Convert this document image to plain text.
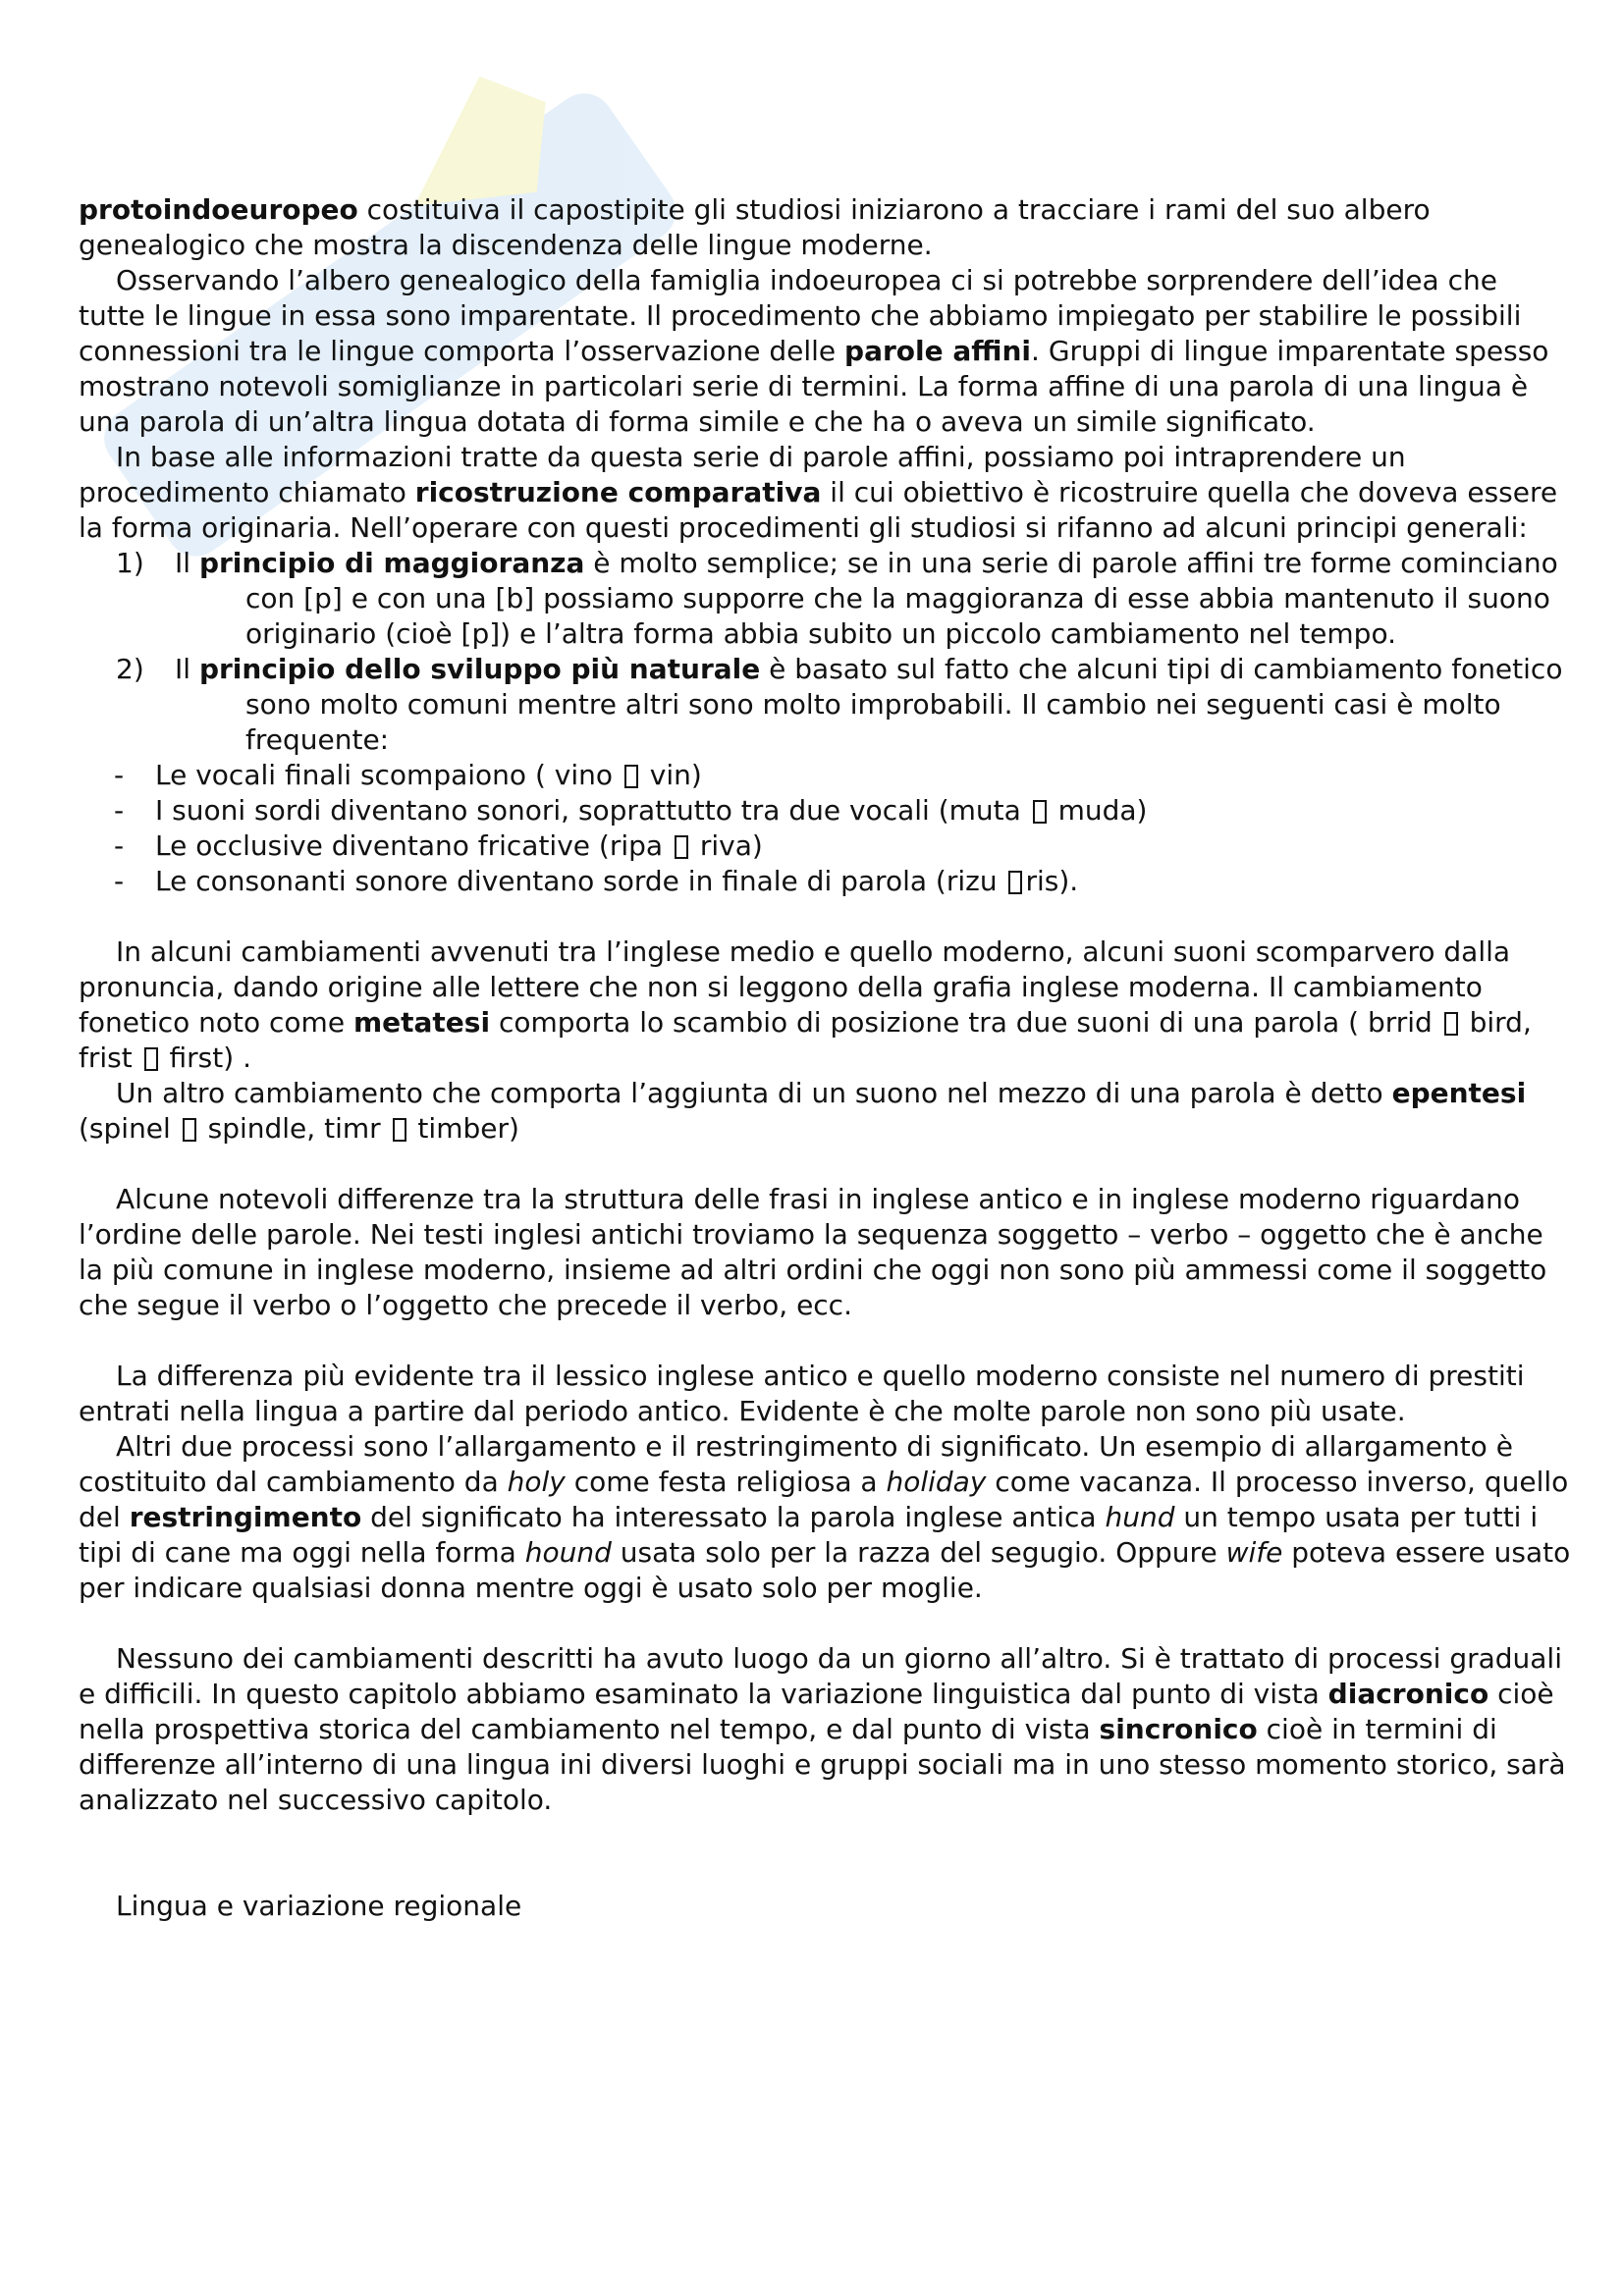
protoindoeuropeo costituiva il capostipite gli studiosi iniziarono a tracciare i rami del suo albero genealogico che mostra la discendenza delle lingue moderne.

Osservando l’albero genealogico della famiglia indoeuropea ci si potrebbe sorprendere dell’idea che tutte le lingue in essa sono imparentate. Il procedimento che abbiamo impiegato per stabilire le possibili connessioni tra le lingue comporta l’osservazione delle parole affini. Gruppi di lingue imparentate spesso mostrano notevoli somiglianze in particolari serie di termini. La forma affine di una parola di una lingua è una parola di un’altra lingua dotata di forma simile e che ha o aveva un simile significato.

In base alle informazioni tratte da questa serie di parole affini, possiamo poi intraprendere un procedimento chiamato ricostruzione comparativa il cui obiettivo è ricostruire quella che doveva essere la forma originaria. Nell’operare con questi procedimenti gli studiosi si rifanno ad alcuni principi generali:

1)	Il principio di maggioranza è molto semplice; se in una serie di parole affini tre forme cominciano con [p] e con una [b] possiamo supporre che la maggioranza di esse abbia mantenuto il suono originario (cioè [p]) e l’altra forma abbia subito un piccolo cambiamento nel tempo.
2)	Il principio dello sviluppo più naturale è basato sul fatto che alcuni tipi di cambiamento fonetico sono molto comuni mentre altri sono molto improbabili. Il cambio nei seguenti casi è molto frequente:
-	Le vocali finali scompaiono ( vino  vin)
-	I suoni sordi diventano sonori, soprattutto tra due vocali (muta  muda)
-	Le occlusive diventano fricative (ripa  riva)
-	Le consonanti sonore diventano sorde in finale di parola (rizu ris).

In alcuni cambiamenti avvenuti tra l’inglese medio e quello moderno, alcuni suoni scomparvero dalla pronuncia, dando origine alle lettere che non si leggono della grafia inglese moderna. Il cambiamento fonetico noto come metatesi comporta lo scambio di posizione tra due suoni di una parola ( brrid  bird, frist  first) .

Un altro cambiamento che comporta l’aggiunta di un suono nel mezzo di una parola è detto epentesi (spinel  spindle, timr  timber)

Alcune notevoli differenze tra la struttura delle frasi in inglese antico e in inglese moderno riguardano l’ordine delle parole. Nei testi inglesi antichi troviamo la sequenza soggetto – verbo – oggetto che è anche la più comune in inglese moderno, insieme ad altri ordini che oggi non sono più ammessi come il soggetto che segue il verbo o l’oggetto che precede il verbo, ecc.

La differenza più evidente tra il lessico inglese antico e quello moderno consiste nel numero di prestiti entrati nella lingua a partire dal periodo antico. Evidente è che molte parole non sono più usate.

Altri due processi sono l’allargamento e il restringimento di significato. Un esempio di allargamento è costituito dal cambiamento da holy come festa religiosa a holiday come vacanza. Il processo inverso, quello del restringimento del significato ha interessato la parola inglese antica hund un tempo usata per tutti i tipi di cane ma oggi nella forma hound usata solo per la razza del segugio. Oppure wife poteva essere usato per indicare qualsiasi donna mentre oggi è usato solo per moglie.

Nessuno dei cambiamenti descritti ha avuto luogo da un giorno all’altro. Si è trattato di processi graduali e difficili. In questo capitolo abbiamo esaminato la variazione linguistica dal punto di vista diacronico cioè nella prospettiva storica del cambiamento nel tempo, e dal punto di vista sincronico cioè in termini di differenze all’interno di una lingua ini diversi luoghi e gruppi sociali ma in uno stesso momento storico, sarà analizzato nel successivo capitolo.

Lingua e variazione regionale
